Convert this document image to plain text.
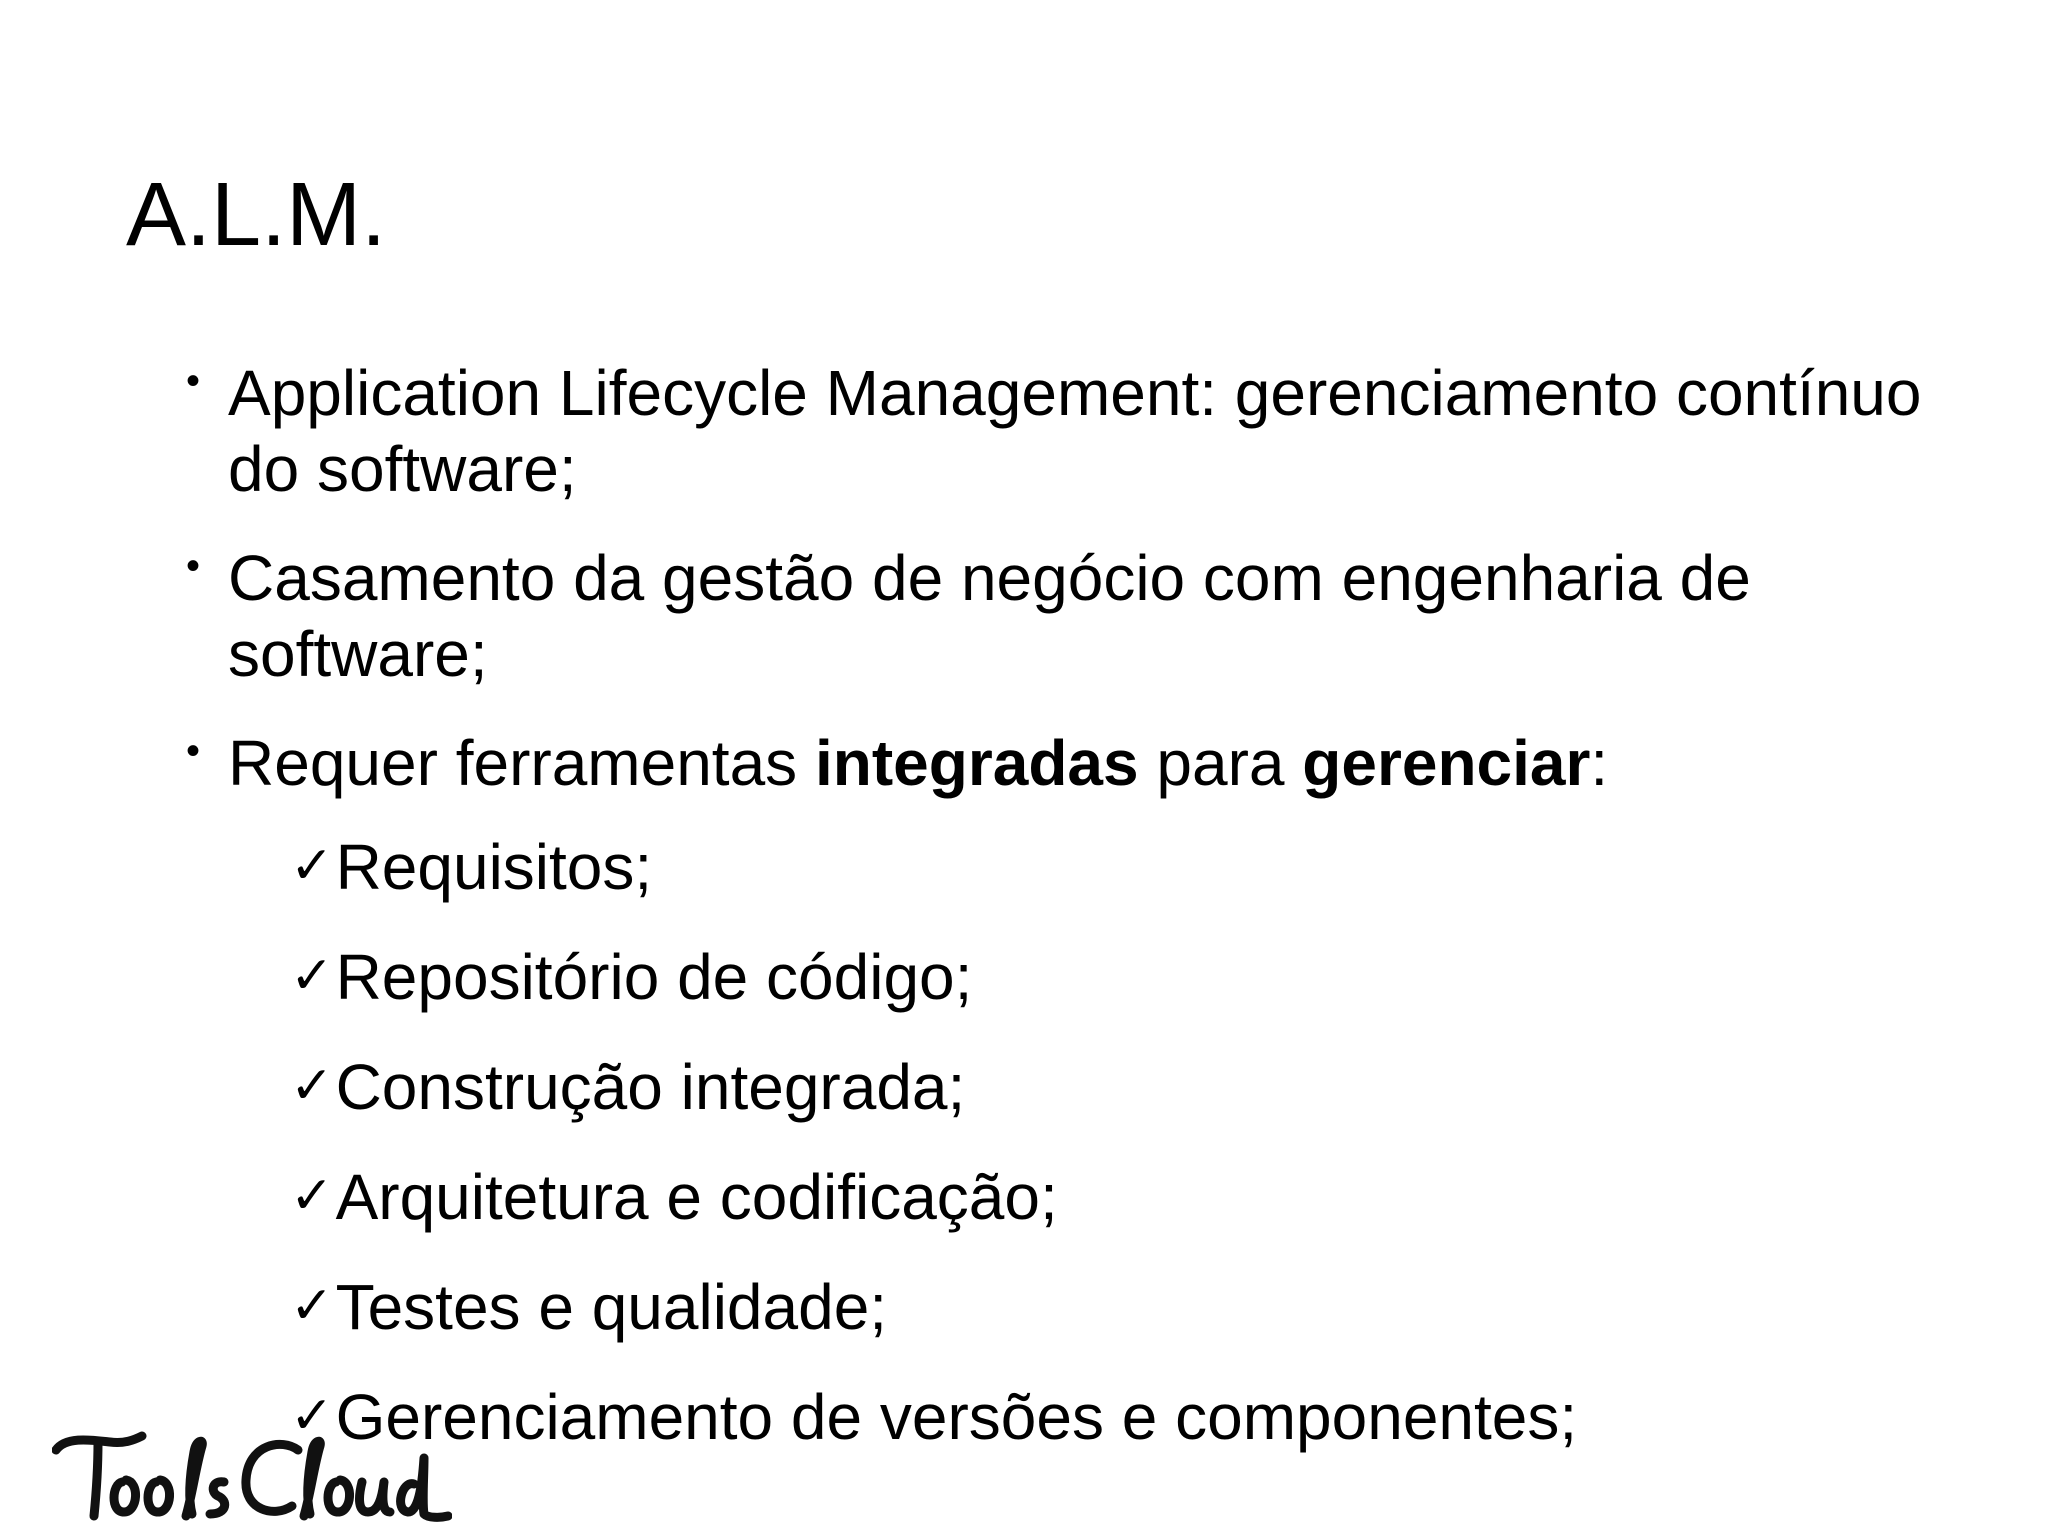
A.L.M.
• Application Lifecycle Management: gerenciamento contínuo do software;
• Casamento da gestão de negócio com engenharia de software;
• Requer ferramentas integradas para gerenciar:
✓Requisitos;
✓Repositório de código;
✓Construção integrada;
✓Arquitetura e codificação;
✓Testes e qualidade;
✓Gerenciamento de versões e componentes;
